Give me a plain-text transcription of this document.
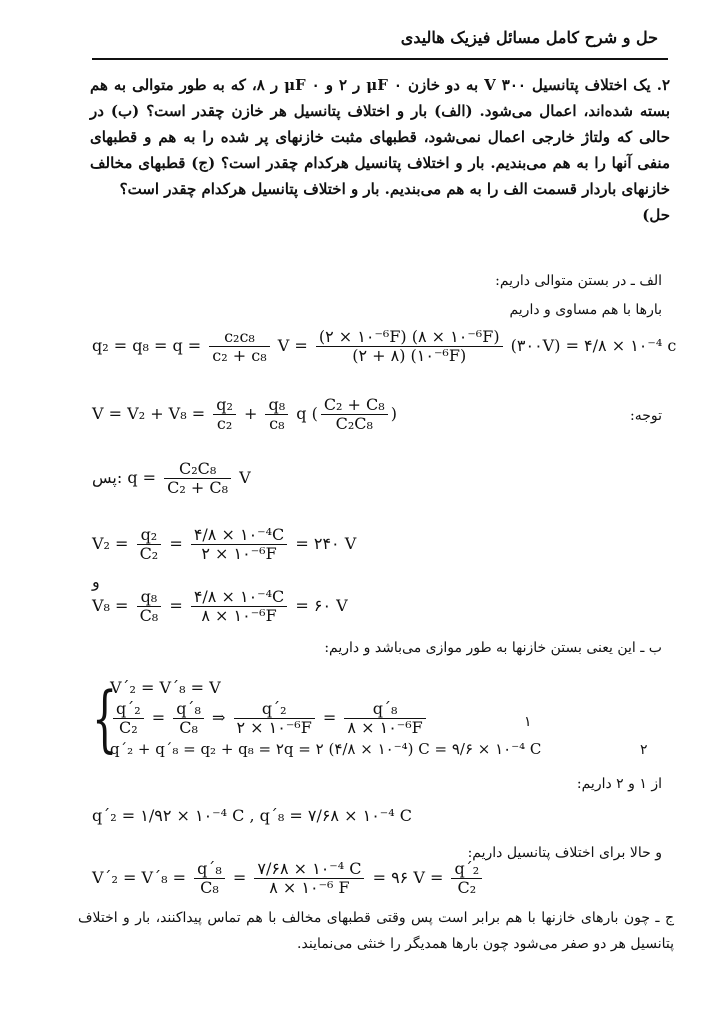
حل و شرح کامل مسائل فیزیک هالیدی
۲. یک اختلاف پتانسیل V ۳۰۰ به دو خازن μF ۰ ر ۲ و μF ۰ ر ۸، که به طور متوالی به هم بسته شده‌اند، اعمال می‌شود. (الف) بار و اختلاف پتانسیل هر خازن چقدر است؟ (ب) در حالی که ولتاژ خارجی اعمال نمی‌شود، قطبهای مثبت خازنهای پر شده را به هم و قطبهای منفی آنها را به هم می‌بندیم. بار و اختلاف پتانسیل هرکدام چقدر است؟ (ج) قطبهای مخالف خازنهای باردار قسمت الف را به هم می‌بندیم. بار و اختلاف پتانسیل هرکدام چقدر است؟
حل)
الف ـ در بستن متوالی داریم:
بارها با هم مساوی و داریم
$q_2 = q_8 = q = \frac{\text{c₂c₈}}{\text{c₂ + c₈}}$ $V = \frac{\text{(۲ × ۱۰⁻⁶F) (۸ × ۱۰⁻⁶F)}}{\text{(۲ + ۸) (۱۰⁻⁶F)}}$ (۳۰۰V) = ۴/۸ × ۱۰⁻⁴ c
توجه:
$V = V_2 + V_8 = \frac{\text{q₂}}{\text{c₂}} + \frac{\text{q₈}}{\text{c₈}}$ q ( $\frac{\text{C₂ + C₈}}{\text{C₂C₈}}$ )
پس: $q = \frac{\text{C₂C₈}}{\text{C₂ + C₈}}$ V
$V_2 = \frac{\text{q₂}}{\text{C₂}} = \frac{\text{۴/۸ × ۱۰⁻⁴C}}{\text{۲ × ۱۰⁻⁶F}}$ = ۲۴۰ V
و
$V_8 = \frac{\text{q₈}}{\text{C₈}} = \frac{\text{۴/۸ × ۱۰⁻⁴C}}{\text{۸ × ۱۰⁻⁶F}}$ = ۶۰ V
ب ـ این یعنی بستن خازنها به طور موازی می‌باشد و داریم:
{
V´₂ = V´₈ = V
$\frac{\text{q´₂}}{\text{C₂}} = \frac{\text{q´₈}}{\text{C₈}}$ ⇒ $\frac{\text{q´₂}}{\text{۲ × ۱۰⁻⁶F}} = \frac{\text{q´₈}}{\text{۸ × ۱۰⁻⁶F}}$
q´₂ + q´₈ = q₂ + q₈ = ۲q = ۲ (۴/۸ × ۱۰⁻⁴) C = ۹/۶ × ۱۰⁻⁴ C
۱
۲
از ۱ و ۲ داریم:
q´₂ = ۱/۹۲ × ۱۰⁻⁴ C , q´₈ = ۷/۶۸ × ۱۰⁻⁴ C
و حالا برای اختلاف پتانسیل داریم:
V´₂ = V´₈ = $\frac{\text{q´₈}}{\text{C₈}} = \frac{\text{۷/۶۸ × ۱۰⁻⁴ C}}{\text{۸ × ۱۰⁻⁶ F}}$ = ۹۶ $V = \frac{\text{q´₂}}{\text{C₂}}$
ج ـ چون بارهای خازنها با هم برابر است پس وقتی قطبهای مخالف با هم تماس پیداکنند، بار و اختلاف پتانسیل هر دو صفر می‌شود چون بارها همدیگر را خنثی می‌نمایند.
